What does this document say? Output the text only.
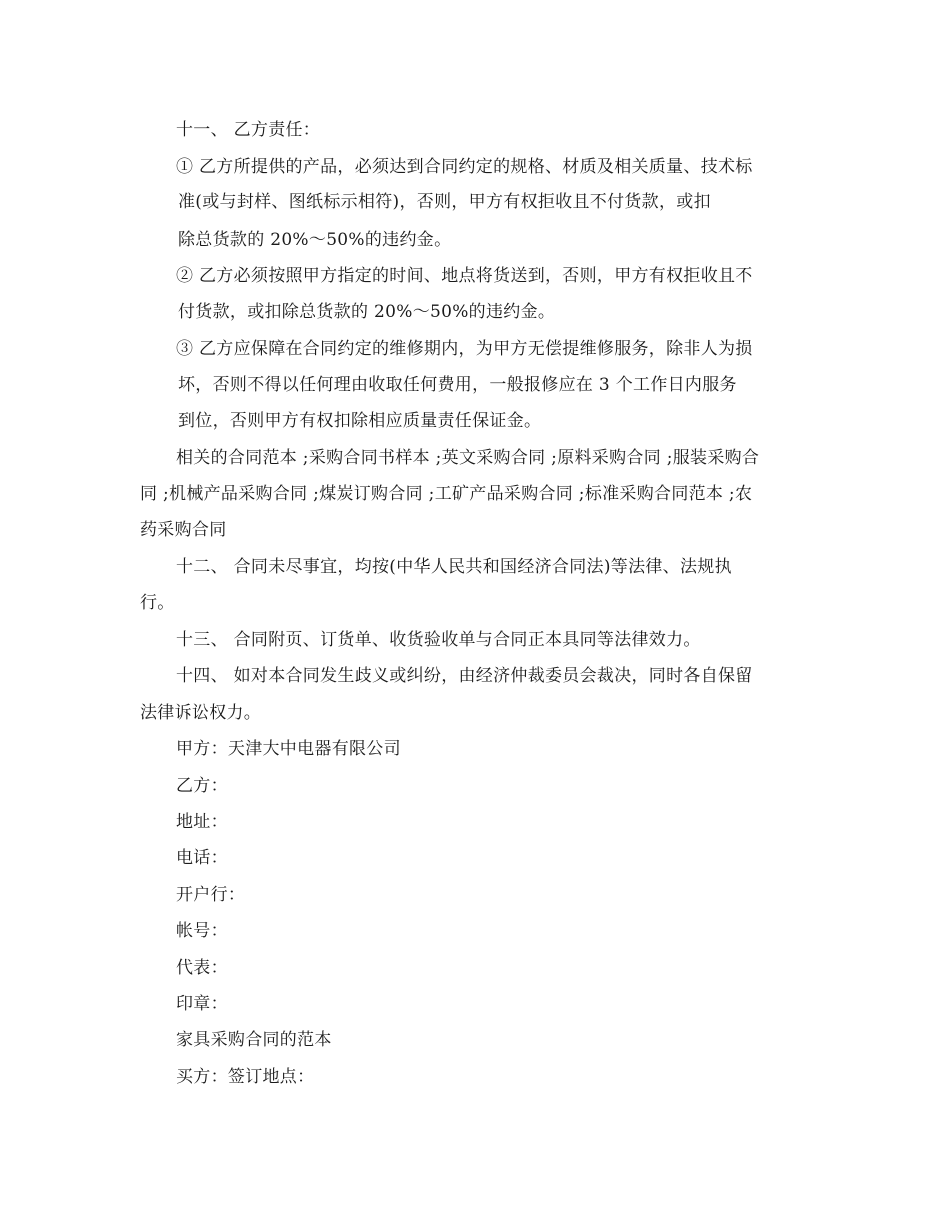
十一、 乙方责任：
① 乙方所提供的产品，必须达到合同约定的规格、材质及相关质量、技术标
准(或与封样、图纸标示相符)，否则，甲方有权拒收且不付货款，或扣
除总货款的 20%～50%的违约金。
② 乙方必须按照甲方指定的时间、地点将货送到，否则，甲方有权拒收且不
付货款，或扣除总货款的 20%～50%的违约金。
③ 乙方应保障在合同约定的维修期内，为甲方无偿提维修服务，除非人为损
坏，否则不得以任何理由收取任何费用，一般报修应在 3 个工作日内服务
到位，否则甲方有权扣除相应质量责任保证金。
相关的合同范本 ;采购合同书样本 ;英文采购合同 ;原料采购合同 ;服装采购合
同 ;机械产品采购合同 ;煤炭订购合同 ;工矿产品采购合同 ;标准采购合同范本 ;农
药采购合同
十二、 合同未尽事宜，均按(中华人民共和国经济合同法)等法律、法规执
行。
十三、 合同附页、订货单、收货验收单与合同正本具同等法律效力。
十四、 如对本合同发生歧义或纠纷，由经济仲裁委员会裁决，同时各自保留
法律诉讼权力。
甲方：天津大中电器有限公司
乙方：
地址：
电话：
开户行：
帐号：
代表：
印章：
家具采购合同的范本
买方：签订地点：
